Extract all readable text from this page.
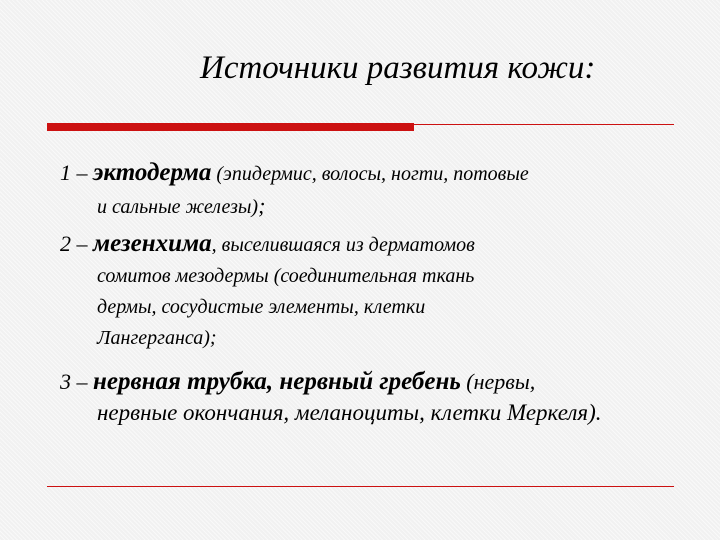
Источники развития кожи:
1 – эктодерма (эпидермис, волосы, ногти, потовые
и сальные железы);
2 – мезенхима, выселившаяся из дерматомов
сомитов мезодермы (соединительная ткань
дермы, сосудистые элементы, клетки
Лангерганса);
3 – нервная трубка, нервный гребень (нервы,
нервные окончания, меланоциты, клетки Меркеля).
